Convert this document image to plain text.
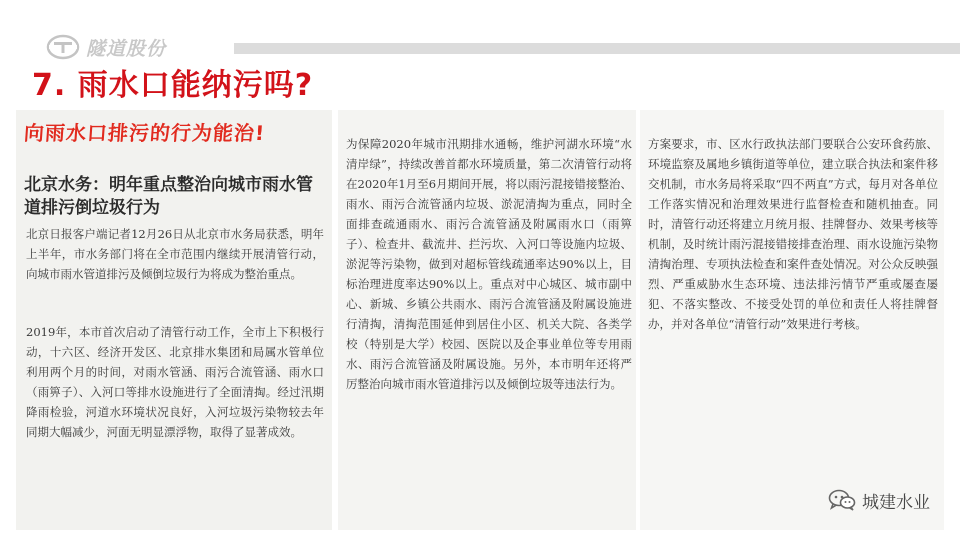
隧道股份
7. 雨水口能纳污吗?
向雨水口排污的行为能治!
北京水务：明年重点整治向城市雨水管道排污倒垃圾行为

北京日报客户端记者12月26日从北京市水务局获悉，明年上半年，市水务部门将在全市范围内继续开展清管行动，向城市雨水管道排污及倾倒垃圾行为将成为整治重点。

2019年，本市首次启动了清管行动工作，全市上下积极行动，十六区、经济开发区、北京排水集团和局属水管单位利用两个月的时间，对雨水管涵、雨污合流管涵、雨水口（雨箅子）、入河口等排水设施进行了全面清掏。经过汛期降雨检验，河道水环境状况良好，入河垃圾污染物较去年同期大幅减少，河面无明显漂浮物，取得了显著成效。

为保障2020年城市汛期排水通畅，维护河湖水环境“水清岸绿”，持续改善首都水环境质量，第二次清管行动将在2020年1月至6月期间开展，将以雨污混接错接整治、雨水、雨污合流管涵内垃圾、淤泥清掏为重点，同时全面排查疏通雨水、雨污合流管涵及附属雨水口（雨箅子）、检查井、截流井、拦污坎、入河口等设施内垃圾、淤泥等污染物，做到对超标管线疏通率达90%以上，目标治理进度率达90%以上。重点对中心城区、城市副中心、新城、乡镇公共雨水、雨污合流管涵及附属设施进行清掏，清掏范围延伸到居住小区、机关大院、各类学校（特别是大学）校园、医院以及企事业单位等专用雨水、雨污合流管涵及附属设施。另外，本市明年还将严厉整治向城市雨水管道排污以及倾倒垃圾等违法行为。

方案要求，市、区水行政执法部门要联合公安环食药旅、环境监察及属地乡镇街道等单位，建立联合执法和案件移交机制，市水务局将采取“四不两直”方式，每月对各单位工作落实情况和治理效果进行监督检查和随机抽查。同时，清管行动还将建立月统月报、挂牌督办、效果考核等机制，及时统计雨污混接错接排查治理、雨水设施污染物清掏治理、专项执法检查和案件查处情况。对公众反映强烈、严重威胁水生态环境、违法排污情节严重或屡查屡犯、不落实整改、不接受处罚的单位和责任人将挂牌督办，并对各单位“清管行动”效果进行考核。

城建水业
